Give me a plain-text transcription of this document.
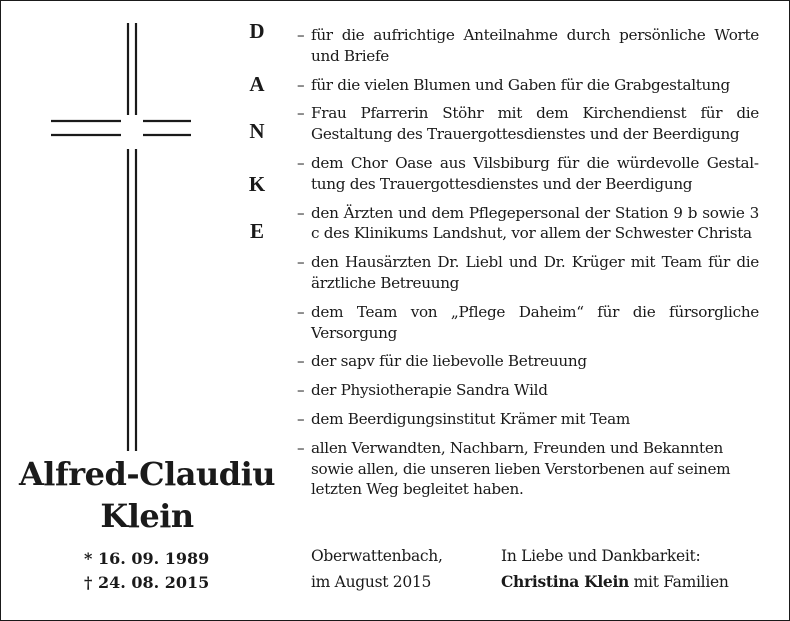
D
A
N
K
E
Alfred-Claudiu
Klein
* 16. 09. 1989
† 24. 08. 2015
– für die aufrichtige Anteilnahme durch persönliche Worte und Briefe
– für die vielen Blumen und Gaben für die Grabgestaltung
– Frau Pfarrerin Stöhr mit dem Kirchendienst für die Gestaltung des Trauergottesdienstes und der Beerdigung
– dem Chor Oase aus Vilsbiburg für die würdevolle Gestaltung des Trauergottesdienstes und der Beerdigung
– den Ärzten und dem Pflegepersonal der Station 9 b sowie 3 c des Klinikums Landshut, vor allem der Schwester Christa
– den Hausärzten Dr. Liebl und Dr. Krüger mit Team für die ärztliche Betreuung
– dem Team von „Pflege Daheim“ für die fürsorgliche Versorgung
– der sapv für die liebevolle Betreuung
– der Physiotherapie Sandra Wild
– dem Beerdigungsinstitut Krämer mit Team
– allen Verwandten, Nachbarn, Freunden und Bekannten sowie allen, die unseren lieben Verstorbenen auf seinem letzten Weg begleitet haben.
Oberwattenbach,
im August 2015
In Liebe und Dankbarkeit:
Christina Klein mit Familien
